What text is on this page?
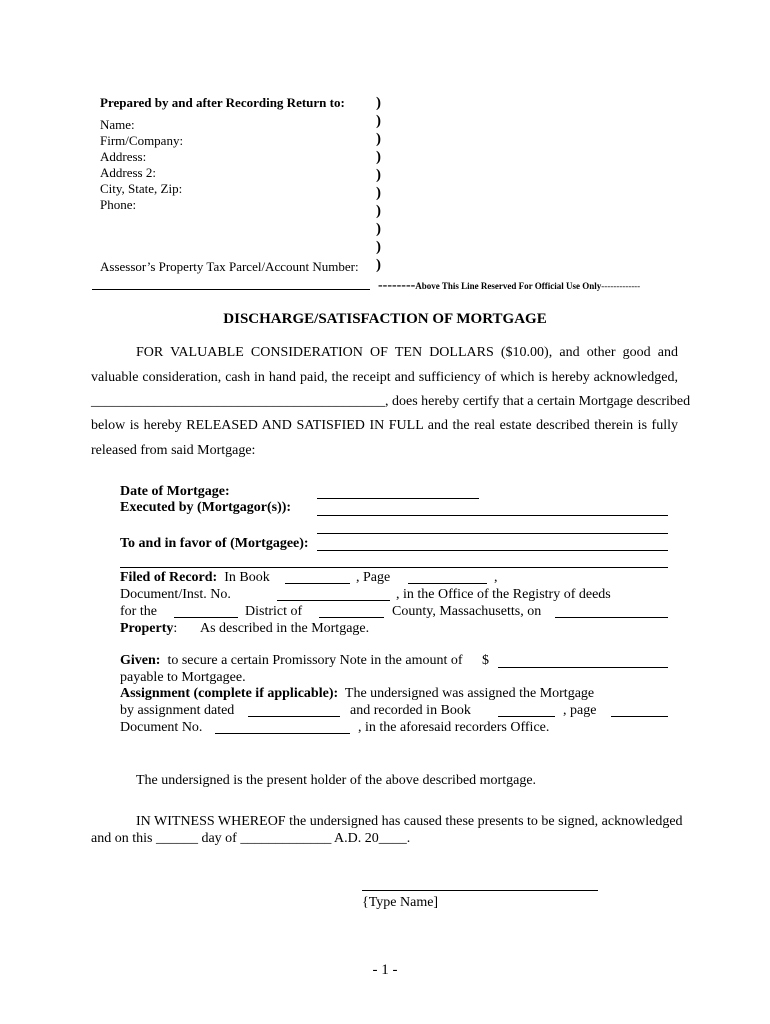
Prepared by and after Recording Return to:
Name:
Firm/Company:
Address:
Address 2:
City, State, Zip:
Phone:
Assessor’s Property Tax Parcel/Account Number:
)
)
)
)
)
)
)
)
)
)
--------Above This Line Reserved For Official Use Only-------------
DISCHARGE/SATISFACTION OF MORTGAGE
FOR VALUABLE CONSIDERATION OF TEN DOLLARS ($10.00), and other good and
valuable consideration, cash in hand paid, the receipt and sufficiency of which is hereby acknowledged,
__________________________________________, does hereby certify that a certain Mortgage described
below is hereby RELEASED AND SATISFIED IN FULL and the real estate described therein is fully
released from said Mortgage:
Date of Mortgage:
Executed by (Mortgagor(s)):
To and in favor of (Mortgagee):
Filed of Record: In Book	, Page	,
Document/Inst. No.	, in the Office of the Registry of deeds
for the	District of	County, Massachusetts, on
Property: As described in the Mortgage.
Given: to secure a certain Promissory Note in the amount of $
payable to Mortgagee.
Assignment (complete if applicable): The undersigned was assigned the Mortgage
by assignment dated	and recorded in Book	, page
Document No.	, in the aforesaid recorders Office.
The undersigned is the present holder of the above described mortgage.
IN WITNESS WHEREOF the undersigned has caused these presents to be signed, acknowledged
and on this ______ day of _____________ A.D. 20____.
{Type Name]
- 1 -
